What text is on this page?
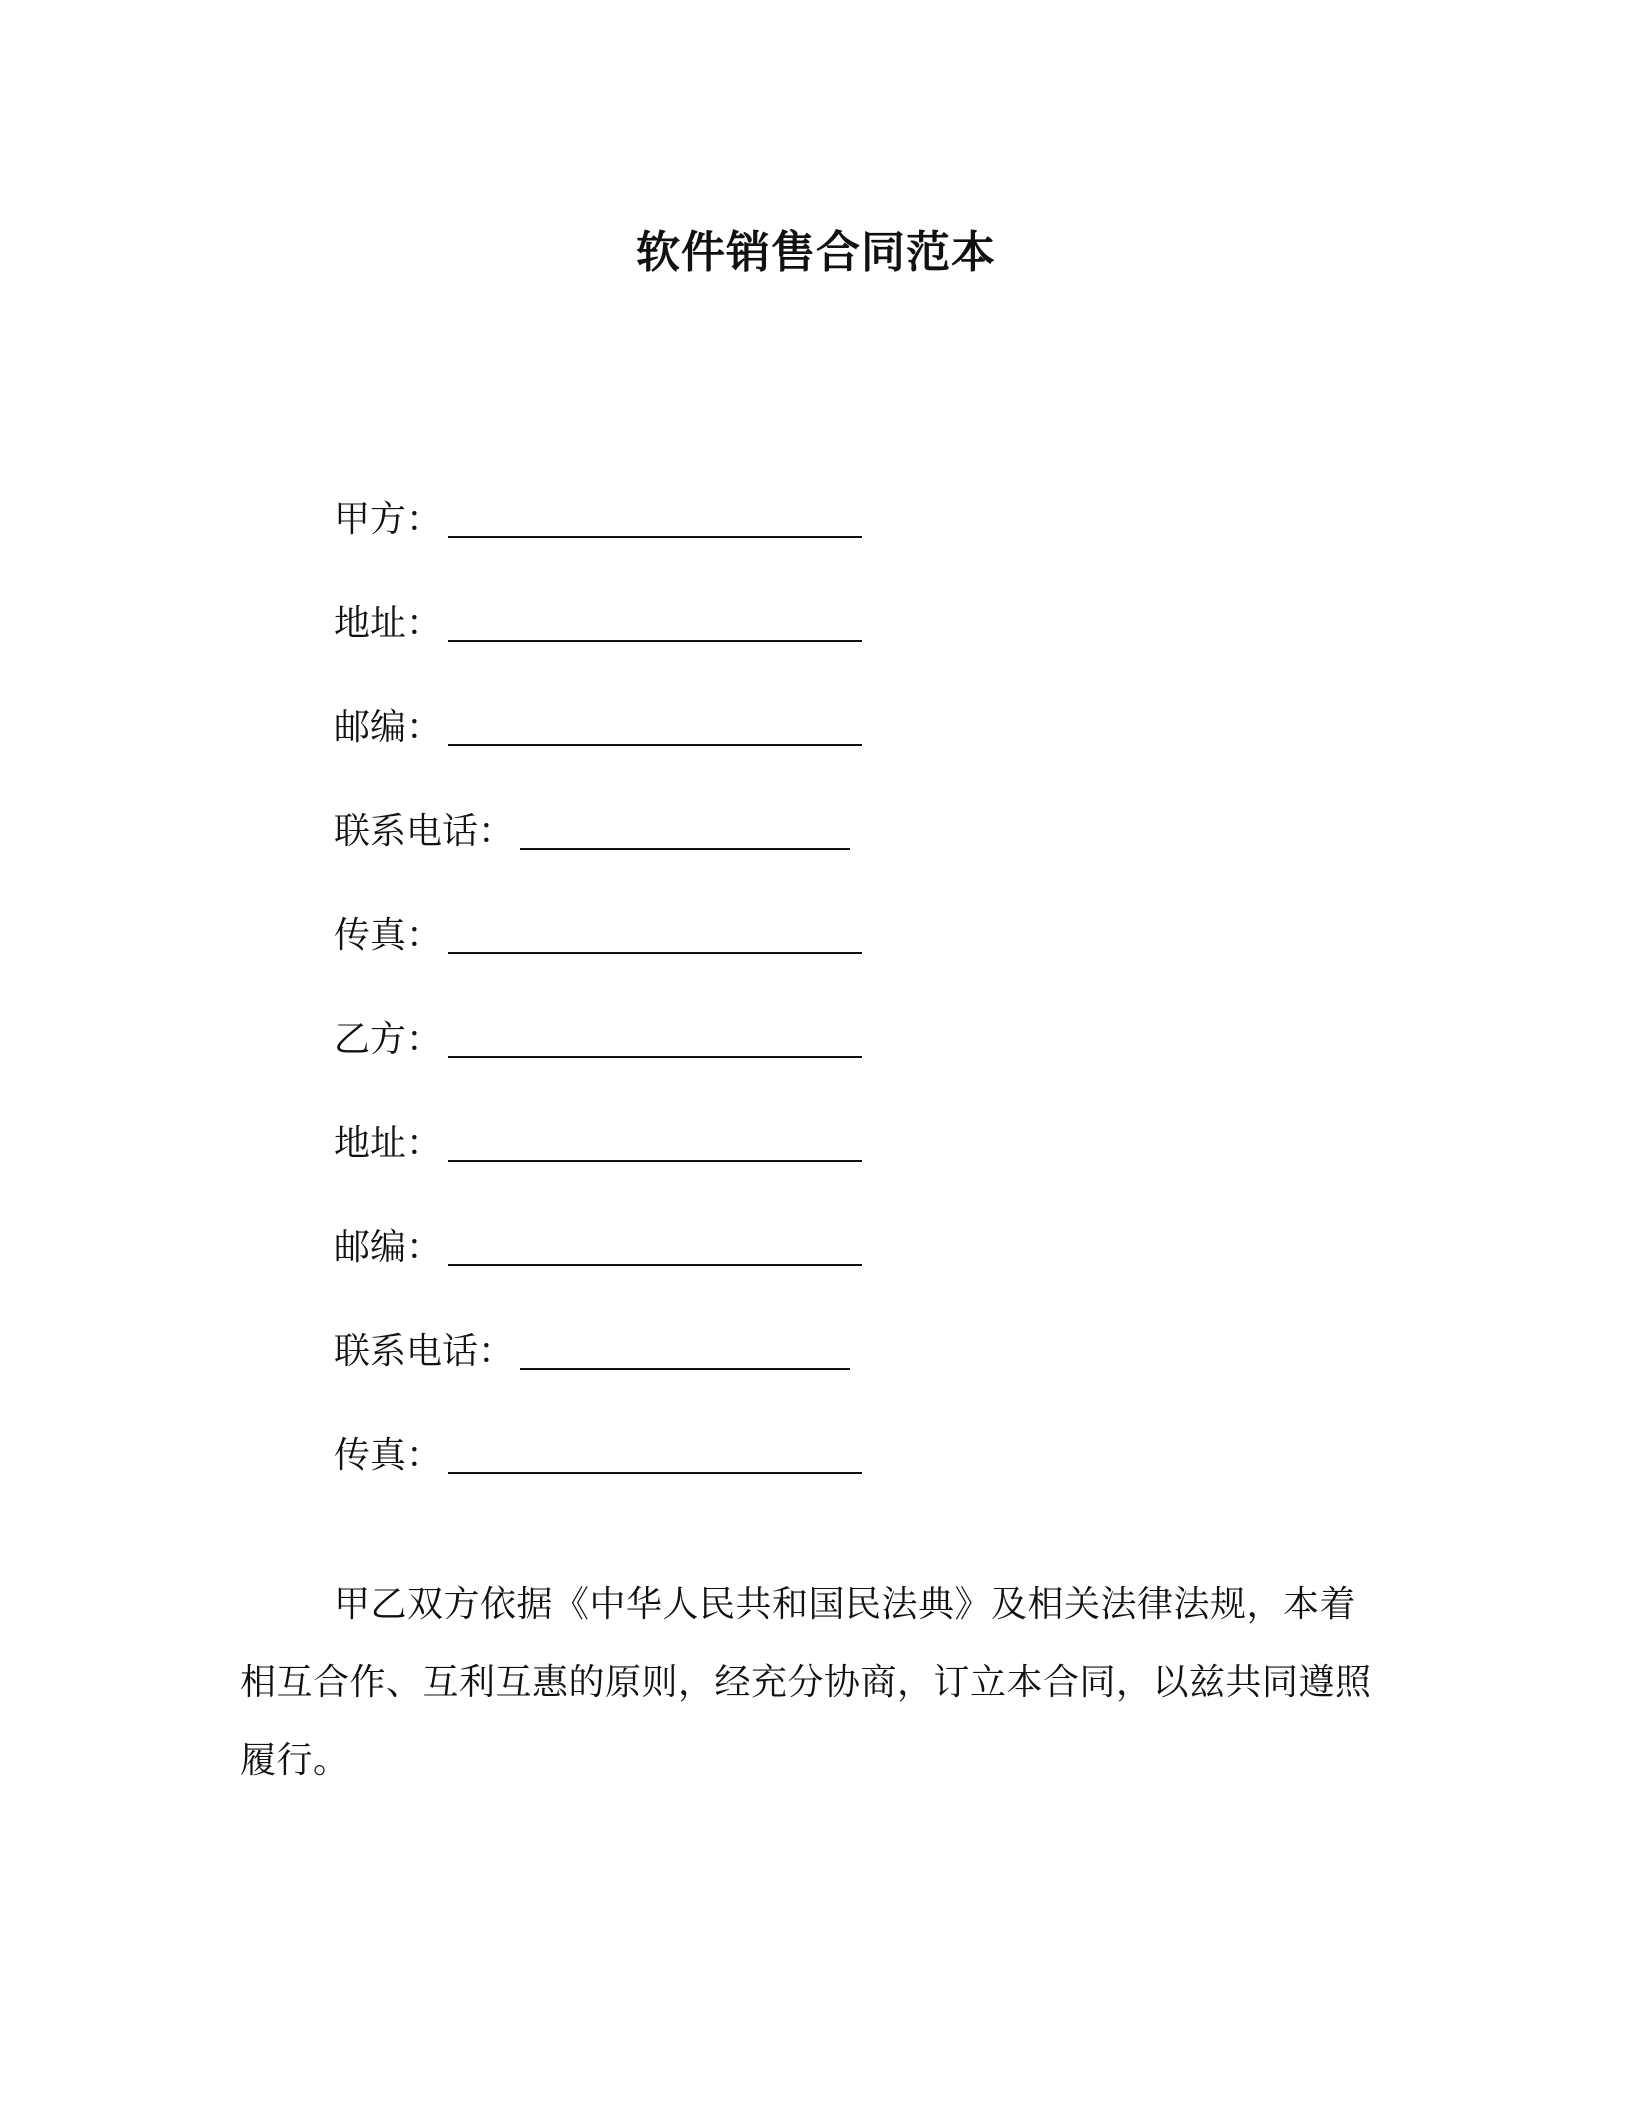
软件销售合同范本
甲方：
地址：
邮编：
联系电话：
传真：
乙方：
地址：
邮编：
联系电话：
传真：

甲乙双方依据《中华人民共和国民法典》及相关法律法规，本着相互合作、互利互惠的原则，经充分协商，订立本合同，以兹共同遵照履行。
